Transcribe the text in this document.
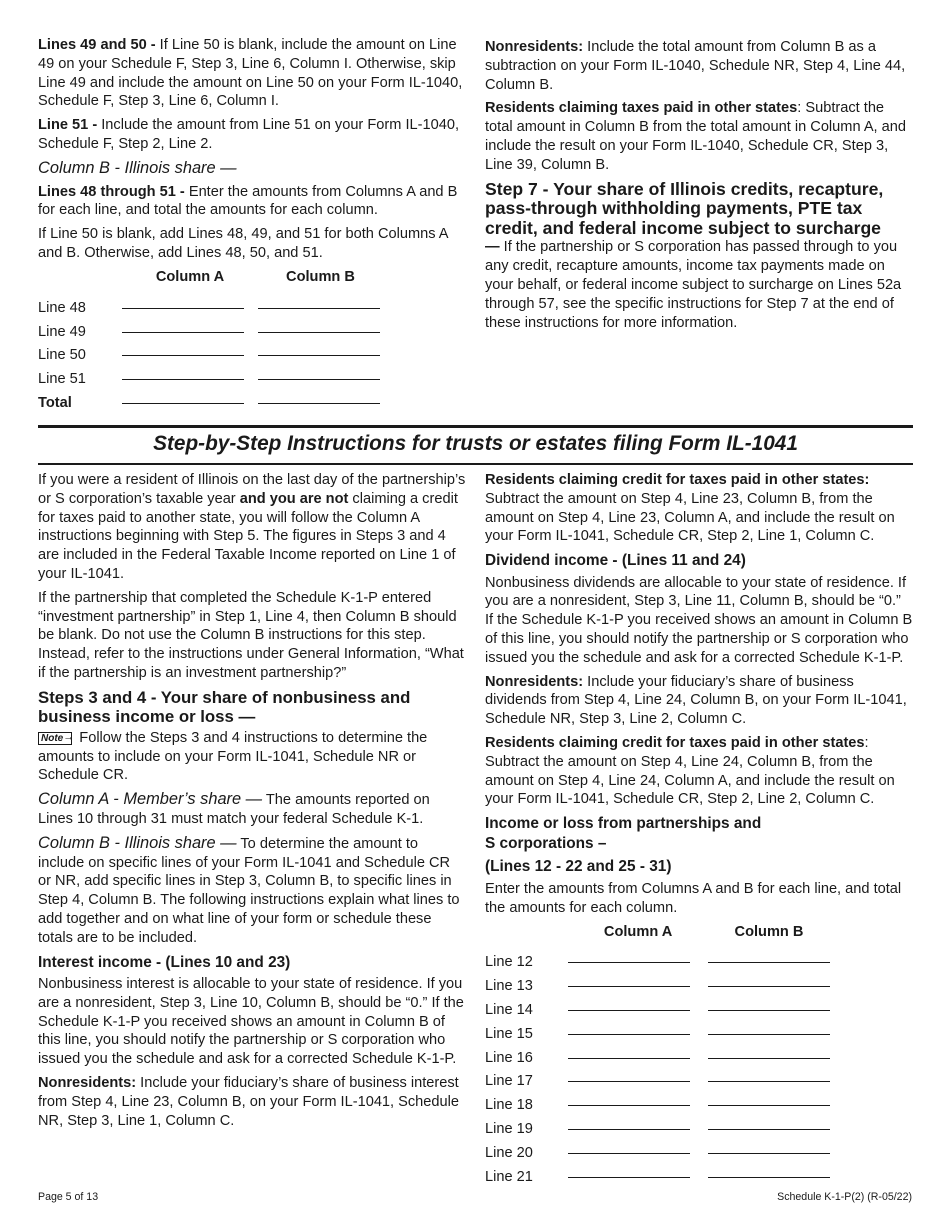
Lines 49 and 50 - If Line 50 is blank, include the amount on Line 49 on your Schedule F, Step 3, Line 6, Column I. Otherwise, skip Line 49 and include the amount on Line 50 on your Form IL-1040, Schedule F, Step 3, Line 6, Column I.

Line 51 - Include the amount from Line 51 on your Form IL-1040, Schedule F, Step 2, Line 2.

Column B - Illinois share —

Lines 48 through 51 - Enter the amounts from Columns A and B for each line, and total the amounts for each column.

If Line 50 is blank, add Lines 48, 49, and 51 for both Columns A and B. Otherwise, add Lines 48, 50, and 51.

	Column A	Column B
Line 48		
Line 49		
Line 50		
Line 51		
Total		

Nonresidents: Include the total amount from Column B as a subtraction on your Form IL-1040, Schedule NR, Step 4, Line 44, Column B.

Residents claiming taxes paid in other states: Subtract the total amount in Column B from the total amount in Column A, and include the result on your Form IL-1040, Schedule CR, Step 3, Line 39, Column B.

Step 7 - Your share of Illinois credits, recapture, pass-through withholding payments, PTE tax credit, and federal income subject to surcharge

— If the partnership or S corporation has passed through to you any credit, recapture amounts, income tax payments made on your behalf, or federal income subject to surcharge on Lines 52a through 57, see the specific instructions for Step 7 at the end of these instructions for more information.

Step-by-Step Instructions for trusts or estates filing Form IL-1041

If you were a resident of Illinois on the last day of the partnership’s or S corporation’s taxable year and you are not claiming a credit for taxes paid to another state, you will follow the Column A instructions beginning with Step 5. The figures in Steps 3 and 4 are included in the Federal Taxable Income reported on Line 1 of your IL-1041.

If the partnership that completed the Schedule K-1-P entered “investment partnership” in Step 1, Line 4, then Column B should be blank. Do not use the Column B instructions for this step. Instead, refer to the instructions under General Information, “What if the partnership is an investment partnership?”

Steps 3 and 4 - Your share of nonbusiness and business income or loss —

Note → Follow the Steps 3 and 4 instructions to determine the amounts to include on your Form IL-1041, Schedule NR or Schedule CR.

Column A - Member’s share — The amounts reported on Lines 10 through 31 must match your federal Schedule K-1.

Column B - Illinois share — To determine the amount to include on specific lines of your Form IL-1041 and Schedule CR or NR, add specific lines in Step 3, Column B, to specific lines in Step 4, Column B. The following instructions explain what lines to add together and on what line of your form or schedule these totals are to be included.

Interest income - (Lines 10 and 23)

Nonbusiness interest is allocable to your state of residence. If you are a nonresident, Step 3, Line 10, Column B, should be “0.” If the Schedule K-1-P you received shows an amount in Column B of this line, you should notify the partnership or S corporation who issued you the schedule and ask for a corrected Schedule K-1-P.

Nonresidents: Include your fiduciary’s share of business interest from Step 4, Line 23, Column B, on your Form IL-1041, Schedule NR, Step 3, Line 1, Column C.

Residents claiming credit for taxes paid in other states: Subtract the amount on Step 4, Line 23, Column B, from the amount on Step 4, Line 23, Column A, and include the result on your Form IL-1041, Schedule CR, Step 2, Line 1, Column C.

Dividend income - (Lines 11 and 24)

Nonbusiness dividends are allocable to your state of residence. If you are a nonresident, Step 3, Line 11, Column B, should be “0.” If the Schedule K-1-P you received shows an amount in Column B of this line, you should notify the partnership or S corporation who issued you the schedule and ask for a corrected Schedule K-1-P.

Nonresidents: Include your fiduciary’s share of business dividends from Step 4, Line 24, Column B, on your Form IL-1041, Schedule NR, Step 3, Line 2, Column C.

Residents claiming credit for taxes paid in other states: Subtract the amount on Step 4, Line 24, Column B, from the amount on Step 4, Line 24, Column A, and include the result on your Form IL-1041, Schedule CR, Step 2, Line 2, Column C.

Income or loss from partnerships and
S corporations –
(Lines 12 - 22 and 25 - 31)

Enter the amounts from Columns A and B for each line, and total the amounts for each column.

	Column A	Column B
Line 12		
Line 13		
Line 14		
Line 15		
Line 16		
Line 17		
Line 18		
Line 19		
Line 20		
Line 21		
Page 5 of 13	Schedule K-1-P(2) (R-05/22)
